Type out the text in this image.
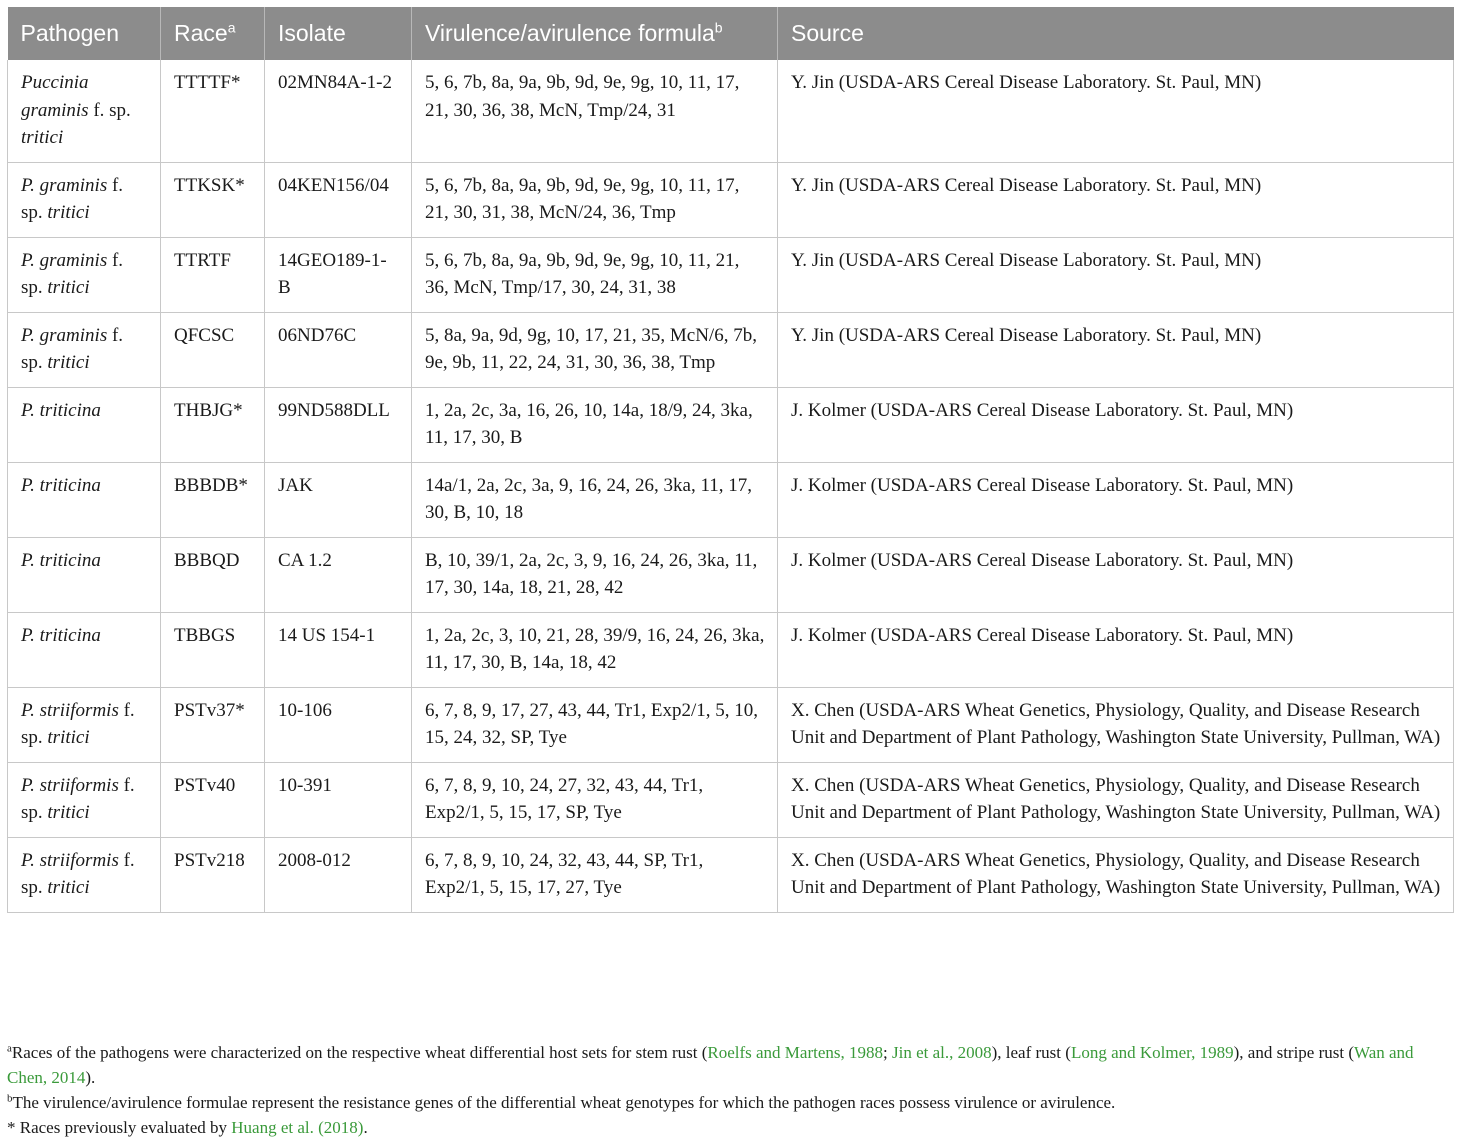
Pathogen	Race$^a$	Isolate	Virulence/avirulence formula$^b$	Source
Puccinia graminis f. sp. tritici	TTTTF*	02MN84A-1-2	5, 6, 7b, 8a, 9a, 9b, 9d, 9e, 9g, 10, 11, 17, 21, 30, 36, 38, McN, Tmp/24, 31	Y. Jin (USDA-ARS Cereal Disease Laboratory. St. Paul, MN)
P. graminis f. sp. tritici	TTKSK*	04KEN156/04	5, 6, 7b, 8a, 9a, 9b, 9d, 9e, 9g, 10, 11, 17, 21, 30, 31, 38, McN/24, 36, Tmp	Y. Jin (USDA-ARS Cereal Disease Laboratory. St. Paul, MN)
P. graminis f. sp. tritici	TTRTF	14GEO189-1-B	5, 6, 7b, 8a, 9a, 9b, 9d, 9e, 9g, 10, 11, 21, 36, McN, Tmp/17, 30, 24, 31, 38	Y. Jin (USDA-ARS Cereal Disease Laboratory. St. Paul, MN)
P. graminis f. sp. tritici	QFCSC	06ND76C	5, 8a, 9a, 9d, 9g, 10, 17, 21, 35, McN/6, 7b, 9e, 9b, 11, 22, 24, 31, 30, 36, 38, Tmp	Y. Jin (USDA-ARS Cereal Disease Laboratory. St. Paul, MN)
P. triticina	THBJG*	99ND588DLL	1, 2a, 2c, 3a, 16, 26, 10, 14a, 18/9, 24, 3ka, 11, 17, 30, B	J. Kolmer (USDA-ARS Cereal Disease Laboratory. St. Paul, MN)
P. triticina	BBBDB*	JAK	14a/1, 2a, 2c, 3a, 9, 16, 24, 26, 3ka, 11, 17, 30, B, 10, 18	J. Kolmer (USDA-ARS Cereal Disease Laboratory. St. Paul, MN)
P. triticina	BBBQD	CA 1.2	B, 10, 39/1, 2a, 2c, 3, 9, 16, 24, 26, 3ka, 11, 17, 30, 14a, 18, 21, 28, 42	J. Kolmer (USDA-ARS Cereal Disease Laboratory. St. Paul, MN)
P. triticina	TBBGS	14 US 154-1	1, 2a, 2c, 3, 10, 21, 28, 39/9, 16, 24, 26, 3ka, 11, 17, 30, B, 14a, 18, 42	J. Kolmer (USDA-ARS Cereal Disease Laboratory. St. Paul, MN)
P. striiformis f. sp. tritici	PSTv37*	10-106	6, 7, 8, 9, 17, 27, 43, 44, Tr1, Exp2/1, 5, 10, 15, 24, 32, SP, Tye	X. Chen (USDA-ARS Wheat Genetics, Physiology, Quality, and Disease Research Unit and Department of Plant Pathology, Washington State University, Pullman, WA)
P. striiformis f. sp. tritici	PSTv40	10-391	6, 7, 8, 9, 10, 24, 27, 32, 43, 44, Tr1, Exp2/1, 5, 15, 17, SP, Tye	X. Chen (USDA-ARS Wheat Genetics, Physiology, Quality, and Disease Research Unit and Department of Plant Pathology, Washington State University, Pullman, WA)
P. striiformis f. sp. tritici	PSTv218	2008-012	6, 7, 8, 9, 10, 24, 32, 43, 44, SP, Tr1, Exp2/1, 5, 15, 17, 27, Tye	X. Chen (USDA-ARS Wheat Genetics, Physiology, Quality, and Disease Research Unit and Department of Plant Pathology, Washington State University, Pullman, WA)

$^a$Races of the pathogens were characterized on the respective wheat differential host sets for stem rust (Roelfs and Martens, 1988; Jin et al., 2008), leaf rust (Long and Kolmer, 1989), and stripe rust (Wan and Chen, 2014).

$^b$The virulence/avirulence formulae represent the resistance genes of the differential wheat genotypes for which the pathogen races possess virulence or avirulence.

* Races previously evaluated by Huang et al. (2018).
